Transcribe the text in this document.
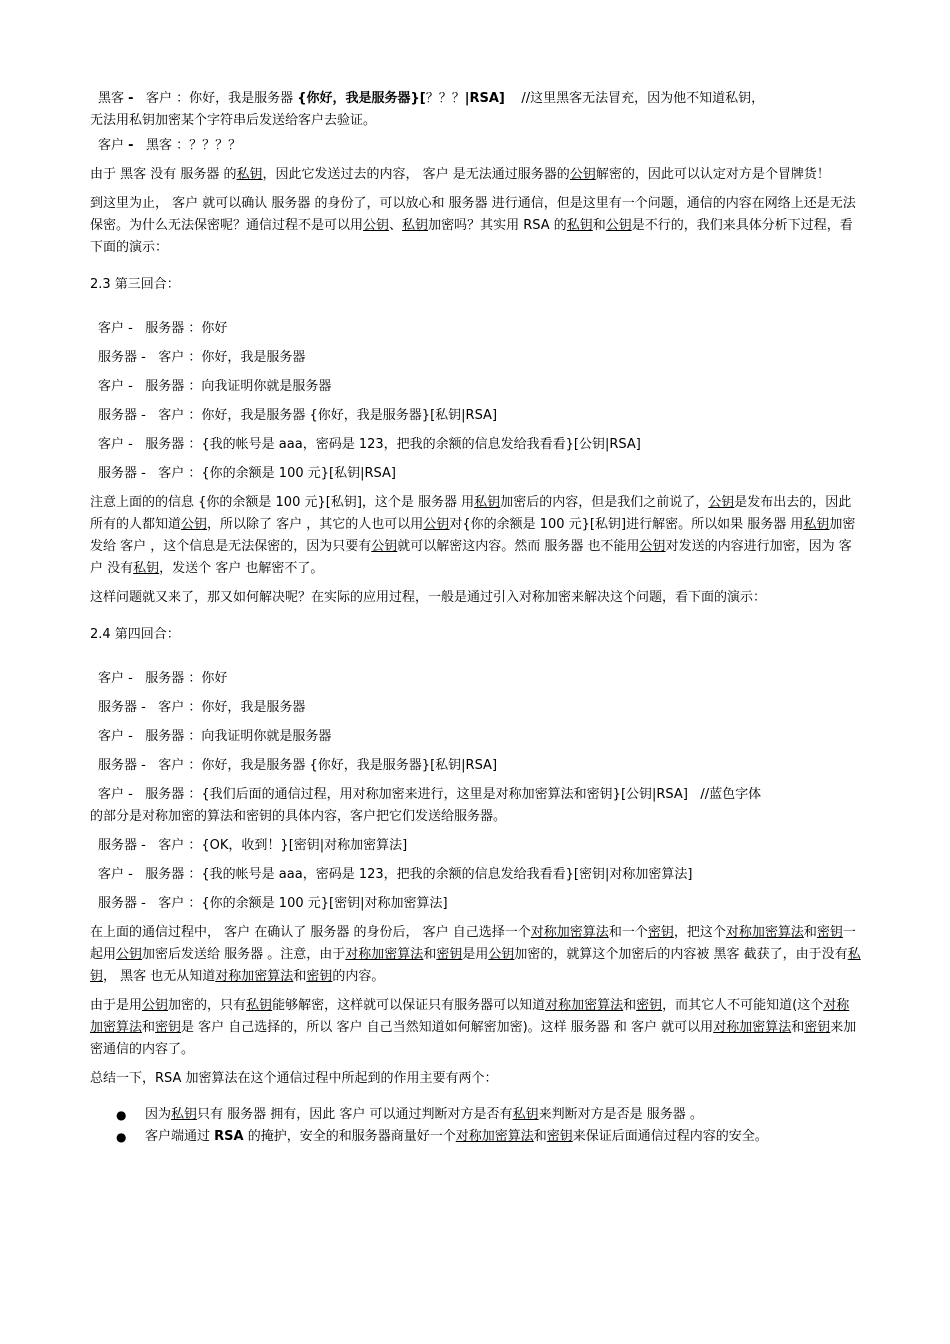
黑客 - 客户 ：你好，我是服务器 {你好，我是服务器}[？？？|RSA] //这里黑客无法冒充，因为他不知道私钥，
无法用私钥加密某个字符串后发送给客户去验证。

客户 - 黑客 ：？？？？

由于 黑客 没有 服务器 的私钥，因此它发送过去的内容， 客户 是无法通过服务器的公钥解密的，因此可以认定对方是个冒牌货！

到这里为止， 客户 就可以确认 服务器 的身份了，可以放心和 服务器 进行通信，但是这里有一个问题，通信的内容在网络上还是无法保密。为什么无法保密呢？通信过程不是可以用公钥、私钥加密吗？其实用 RSA 的私钥和公钥是不行的，我们来具体分析下过程，看下面的演示：

2.3 第三回合：

客户 -   服务器 ：你好

服务器 -   客户 ：你好，我是服务器

客户 -   服务器 ：向我证明你就是服务器

服务器 -   客户 ：你好，我是服务器 {你好，我是服务器}[私钥|RSA]

客户 -   服务器 ：{我的帐号是 aaa，密码是 123，把我的余额的信息发给我看看}[公钥|RSA]

服务器 -   客户 ：{你的余额是 100 元}[私钥|RSA]

注意上面的的信息 {你的余额是 100 元}[私钥]，这个是 服务器 用私钥加密后的内容，但是我们之前说了，公钥是发布出去的，因此所有的人都知道公钥，所以除了 客户 ，其它的人也可以用公钥对{你的余额是 100 元}[私钥]进行解密。所以如果 服务器 用私钥加密发给 客户 ，这个信息是无法保密的，因为只要有公钥就可以解密这内容。然而 服务器 也不能用公钥对发送的内容进行加密，因为 客户 没有私钥，发送个 客户 也解密不了。

这样问题就又来了，那又如何解决呢？在实际的应用过程，一般是通过引入对称加密来解决这个问题，看下面的演示：

2.4 第四回合：

客户 -   服务器 ：你好

服务器 -   客户 ：你好，我是服务器

客户 -   服务器 ：向我证明你就是服务器

服务器 -   客户 ：你好，我是服务器 {你好，我是服务器}[私钥|RSA]

客户 -   服务器 ：{我们后面的通信过程，用对称加密来进行，这里是对称加密算法和密钥}[公钥|RSA] //蓝色字体
的部分是对称加密的算法和密钥的具体内容，客户把它们发送给服务器。

服务器 -   客户 ：{OK，收到！}[密钥|对称加密算法]

客户 -   服务器 ：{我的帐号是 aaa，密码是 123，把我的余额的信息发给我看看}[密钥|对称加密算法]

服务器 -   客户 ：{你的余额是 100 元}[密钥|对称加密算法]

在上面的通信过程中， 客户 在确认了 服务器 的身份后， 客户 自己选择一个对称加密算法和一个密钥，把这个对称加密算法和密钥一起用公钥加密后发送给 服务器 。注意，由于对称加密算法和密钥是用公钥加密的，就算这个加密后的内容被 黑客 截获了，由于没有私钥， 黑客 也无从知道对称加密算法和密钥的内容。

由于是用公钥加密的，只有私钥能够解密，这样就可以保证只有服务器可以知道对称加密算法和密钥，而其它人不可能知道(这个对称加密算法和密钥是 客户 自己选择的，所以 客户 自己当然知道如何解密加密)。这样 服务器 和 客户 就可以用对称加密算法和密钥来加密通信的内容了。

总结一下，RSA 加密算法在这个通信过程中所起到的作用主要有两个：

● 因为私钥只有 服务器 拥有，因此 客户 可以通过判断对方是否有私钥来判断对方是否是 服务器 。
● 客户端通过 RSA 的掩护，安全的和服务器商量好一个对称加密算法和密钥来保证后面通信过程内容的安全。
